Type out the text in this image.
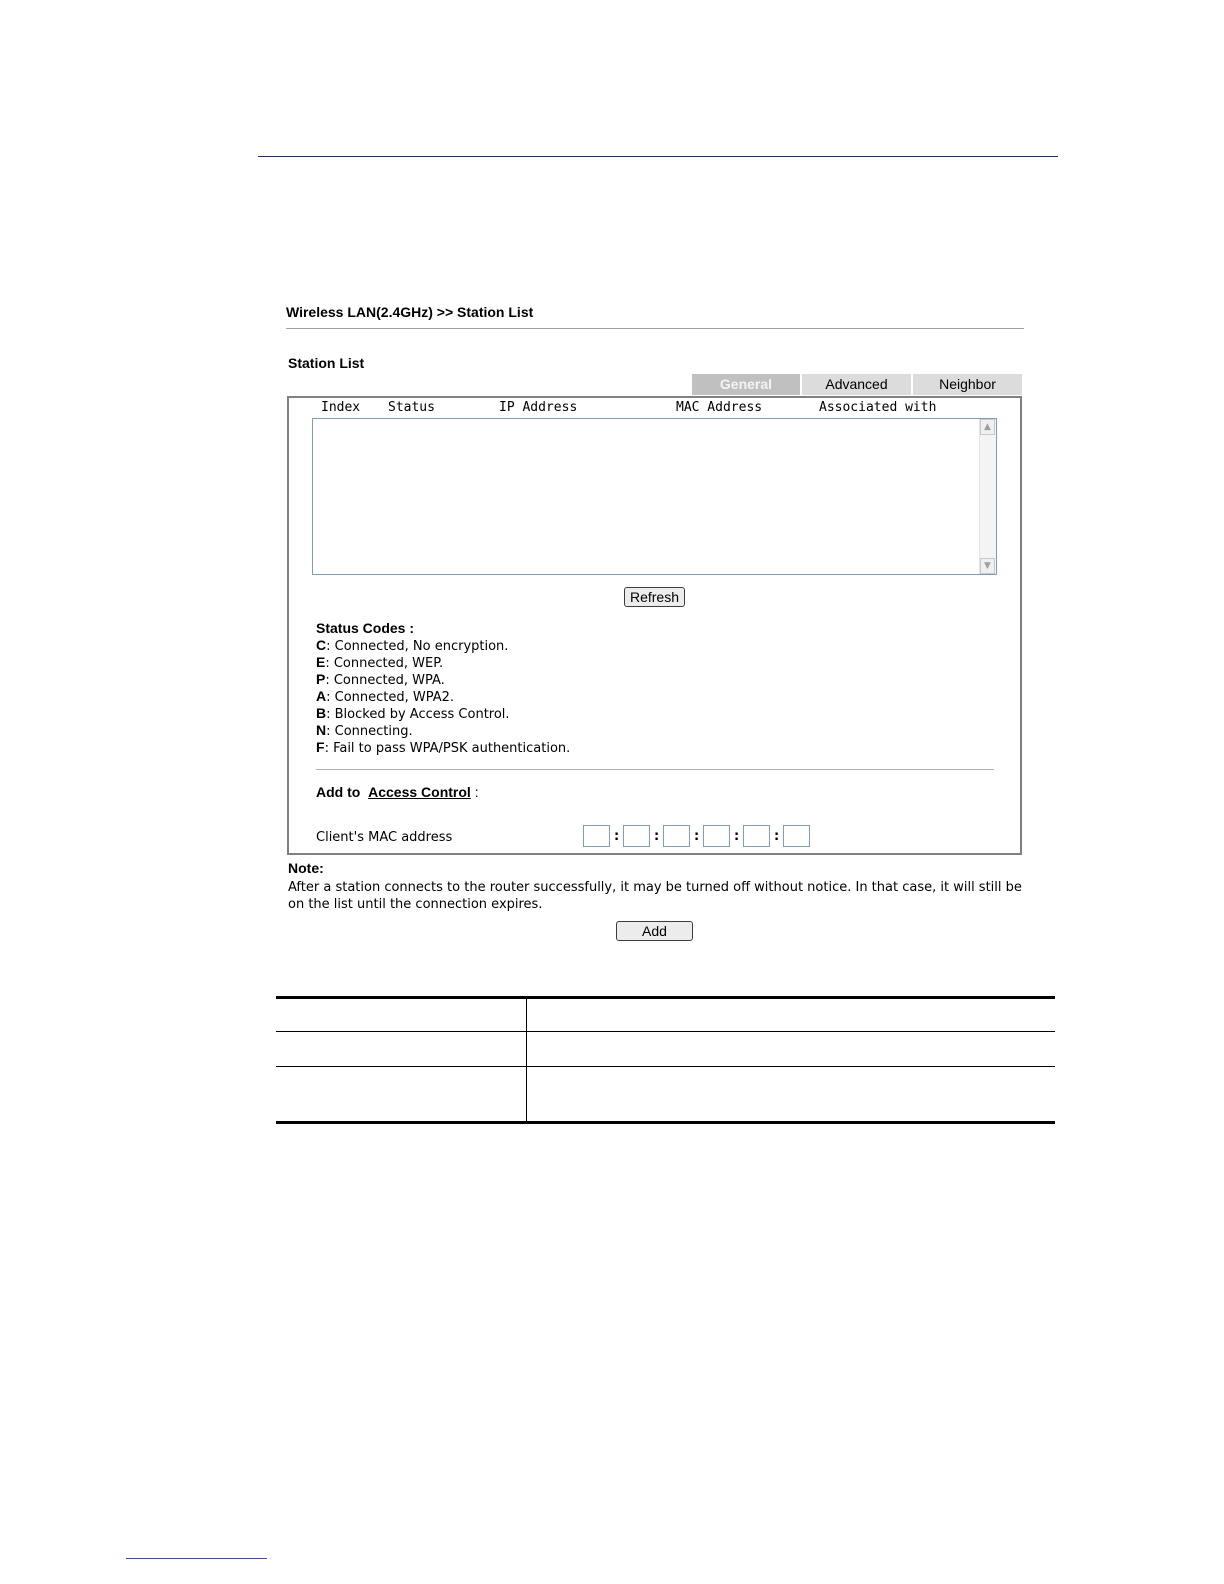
Wireless LAN(2.4GHz) >> Station List
Station List
General	Advanced	Neighbor
Index Status	IP Address	MAC Address	Associated with
▲
▼
Refresh
Status Codes :
C: Connected, No encryption.
E: Connected, WEP.
P: Connected, WPA.
A: Connected, WPA2.
B: Blocked by Access Control.
N: Connecting.
F: Fail to pass WPA/PSK authentication.
Add to Access Control :
Client's MAC address	:	:	:	:	:
Note:
After a station connects to the router successfully, it may be turned off without notice. In that case, it will still be on the list until the connection expires.
Add
